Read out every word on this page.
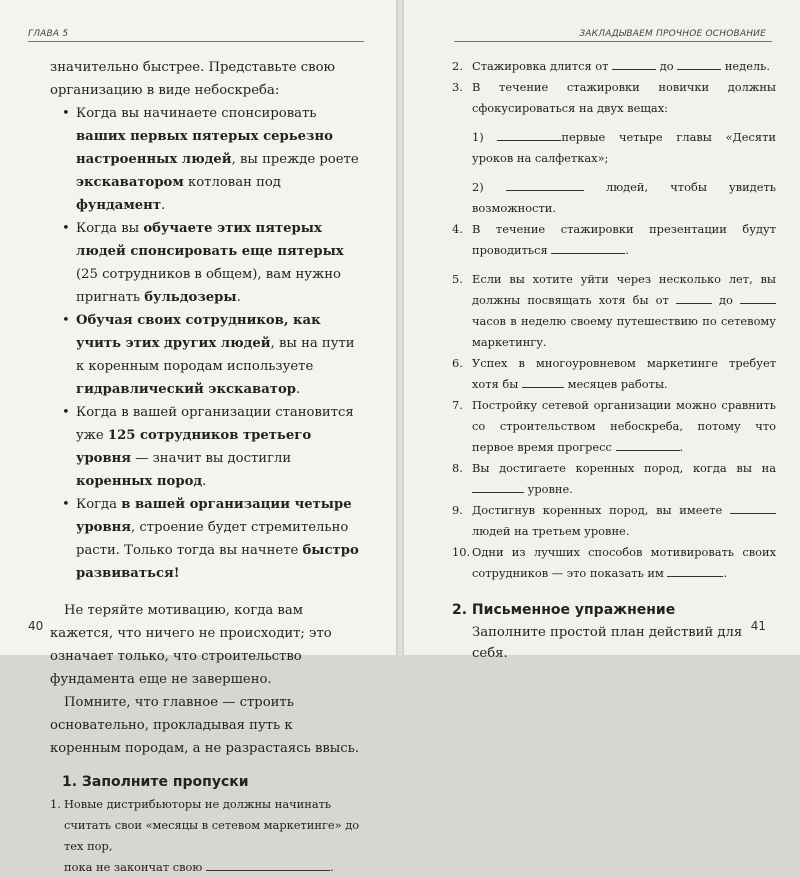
ГЛАВА 5

значительно быстрее. Представьте свою организацию в виде небоскреба:

• Когда вы начинаете спонсировать ваших первых пятерых серьезно настроенных людей, вы прежде роете экскаватором котлован под фундамент.
• Когда вы обучаете этих пятерых людей спонсировать еще пятерых (25 сотрудников в общем), вам нужно пригнать бульдозеры.
• Обучая своих сотрудников, как учить этих других людей, вы на пути к коренным породам используете гидравлический экскаватор.
• Когда в вашей организации становится уже 125 сотрудников третьего уровня — значит вы достигли коренных пород.
• Когда в вашей организации четыре уровня, строение будет стремительно расти. Только тогда вы начнете быстро развиваться!

Не теряйте мотивацию, когда вам кажется, что ничего не происходит; это означает только, что строительство фундамента еще не завершено.

Помните, что главное — строить основательно, прокладывая путь к коренным породам, а не разрастаясь ввысь.

1. Заполните пропуски

1. Новые дистрибьюторы не должны начинать считать свои «месяцы в сетевом маркетинге» до тех пор,
пока не закончат свою	.

40
ЗАКЛАДЫВАЕМ ПРОЧНОЕ ОСНОВАНИЕ

2. Стажировка длится от	до	недель.

3. В течение стажировки новички должны сфокусироваться на двух вещах:

1)	первые четыре главы «Десяти уроков на салфетках»;

2)	людей, чтобы увидеть возможности.

4. В течение стажировки презентации будут проводиться	.

5. Если вы хотите уйти через несколько лет, вы должны посвящать хотя бы от	до  часов в неделю своему путешествию по сетевому маркетингу.

6. Успех в многоуровневом маркетинге требует хотя бы	месяцев работы.

7. Постройку сетевой организации можно сравнить со строительством небоскреба, потому что первое время прогресс	.

8. Вы достигаете коренных пород, когда вы на  уровне.

9. Достигнув коренных пород, вы имеете  людей на третьем уровне.

10. Одни из лучших способов мотивировать своих сотрудников — это показать им	.

2. Письменное упражнение

Заполните простой план действий для себя.

41
